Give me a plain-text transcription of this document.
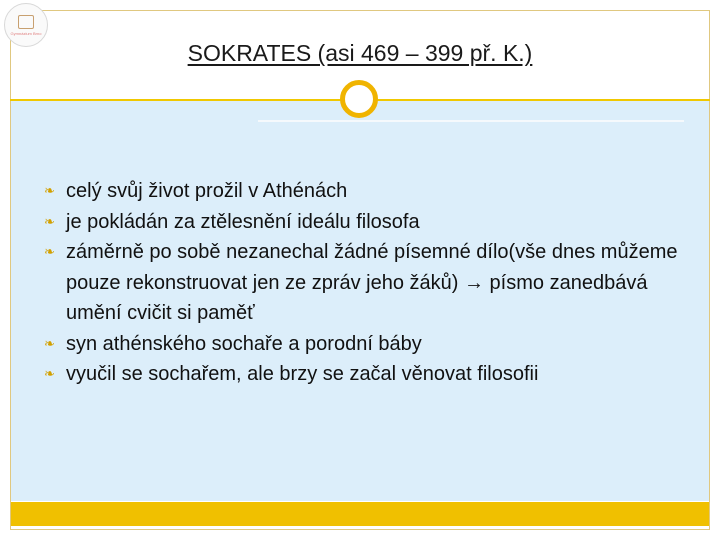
Gymnázium Brno
SOKRATES (asi 469 – 399 př. K.)
❧ celý svůj život prožil v Athénách
❧ je pokládán za ztělesnění ideálu filosofa
❧ záměrně po sobě nezanechal žádné písemné dílo(vše dnes můžeme pouze rekonstruovat jen ze zpráv jeho žáků) → písmo zanedbává umění cvičit si paměť
❧ syn athénského sochaře a porodní báby
❧ vyučil se sochařem, ale brzy se začal věnovat filosofii
